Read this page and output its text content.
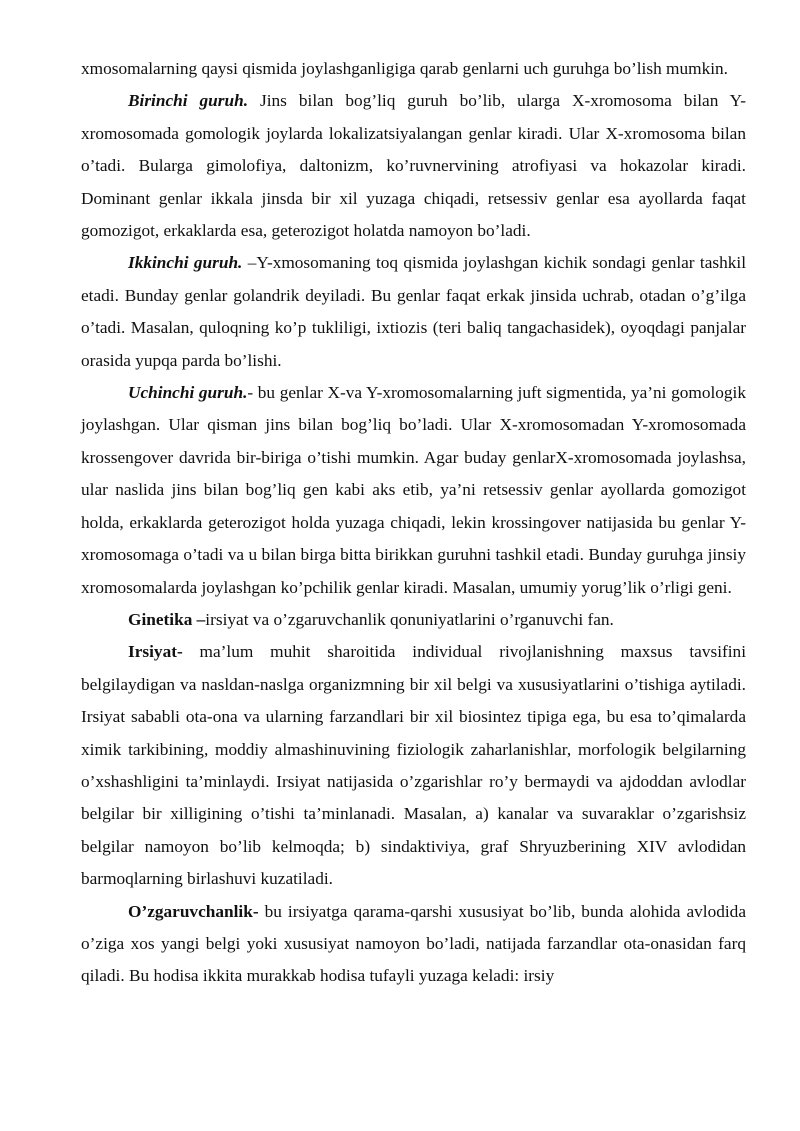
xmosomalarning qaysi qismida joylashganligiga qarab genlarni uch guruhga bo’lish mumkin.

Birinchi guruh. Jins bilan bog’liq guruh bo’lib, ularga X-xromosoma bilan Y-xromosomada gomologik joylarda lokalizatsiyalangan genlar kiradi. Ular X-xromosoma bilan o’tadi. Bularga gimolofiya, daltonizm, ko’ruvnervining atrofiyasi va hokazolar kiradi. Dominant genlar ikkala jinsda bir xil yuzaga chiqadi, retsessiv genlar esa ayollarda faqat gomozigot, erkaklarda esa, geterozigot holatda namoyon bo’ladi.

Ikkinchi guruh. –Y-xmosomaning toq qismida joylashgan kichik sondagi genlar tashkil etadi. Bunday genlar golandrik deyiladi. Bu genlar faqat erkak jinsida uchrab, otadan o’g’ilga o’tadi. Masalan, quloqning ko’p tukliligi, ixtiozis (teri baliq tangachasidek), oyoqdagi panjalar orasida yupqa parda bo’lishi.

Uchinchi guruh.- bu genlar X-va Y-xromosomalarning juft sigmentida, ya’ni gomologik joylashgan. Ular qisman jins bilan bog’liq bo’ladi. Ular X-xromosomadan Y-xromosomada krossengover davrida bir-biriga o’tishi mumkin. Agar buday genlarX-xromosomada joylashsa, ular naslida jins bilan bog’liq gen kabi aks etib, ya’ni retsessiv genlar ayollarda gomozigot holda, erkaklarda geterozigot holda yuzaga chiqadi, lekin krossingover natijasida bu genlar Y-xromosomaga o’tadi va u bilan birga bitta birikkan guruhni tashkil etadi. Bunday guruhga jinsiy xromosomalarda joylashgan ko’pchilik genlar kiradi. Masalan, umumiy yorug’lik o’rligi geni.

Ginetika –irsiyat va o’zgaruvchanlik qonuniyatlarini o’rganuvchi fan.

Irsiyat- ma’lum muhit sharoitida individual rivojlanishning maxsus tavsifini belgilaydigan va nasldan-naslga organizmning bir xil belgi va xususiyatlarini o’tishiga aytiladi. Irsiyat sababli ota-ona va ularning farzandlari bir xil biosintez tipiga ega, bu esa to’qimalarda ximik tarkibining, moddiy almashinuvining fiziologik zaharlanishlar, morfologik belgilarning o’xshashligini ta’minlaydi. Irsiyat natijasida o’zgarishlar ro’y bermaydi va ajdoddan avlodlar belgilar bir xilligining o’tishi ta’minlanadi. Masalan, a) kanalar va suvaraklar o’zgarishsiz belgilar namoyon bo’lib kelmoqda; b) sindaktiviya, graf Shryuzberining XIV avlodidan barmoqlarning birlashuvi kuzatiladi.

O’zgaruvchanlik- bu irsiyatga qarama-qarshi xususiyat bo’lib, bunda alohida avlodida o’ziga xos yangi belgi yoki xususiyat namoyon bo’ladi, natijada farzandlar ota-onasidan farq qiladi. Bu hodisa ikkita murakkab hodisa tufayli yuzaga keladi: irsiy
